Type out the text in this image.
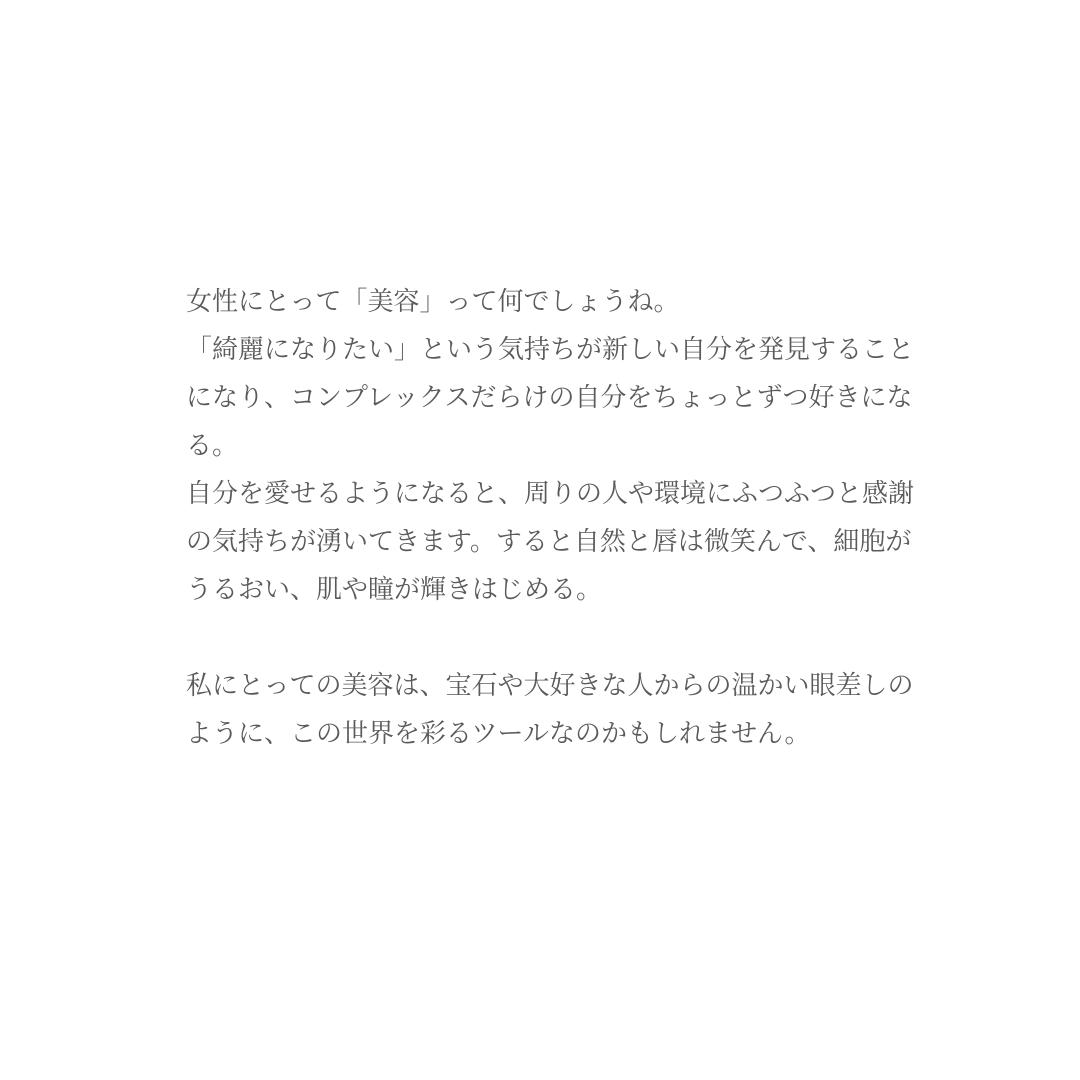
女性にとって「美容」って何でしょうね。
「綺麗になりたい」という気持ちが新しい自分を発見すること
になり、コンプレックスだらけの自分をちょっとずつ好きにな
る。
自分を愛せるようになると、周りの人や環境にふつふつと感謝
の気持ちが湧いてきます。すると自然と唇は微笑んで、細胞が
うるおい、肌や瞳が輝きはじめる。
私にとっての美容は、宝石や大好きな人からの温かい眼差しの
ように、この世界を彩るツールなのかもしれません。
